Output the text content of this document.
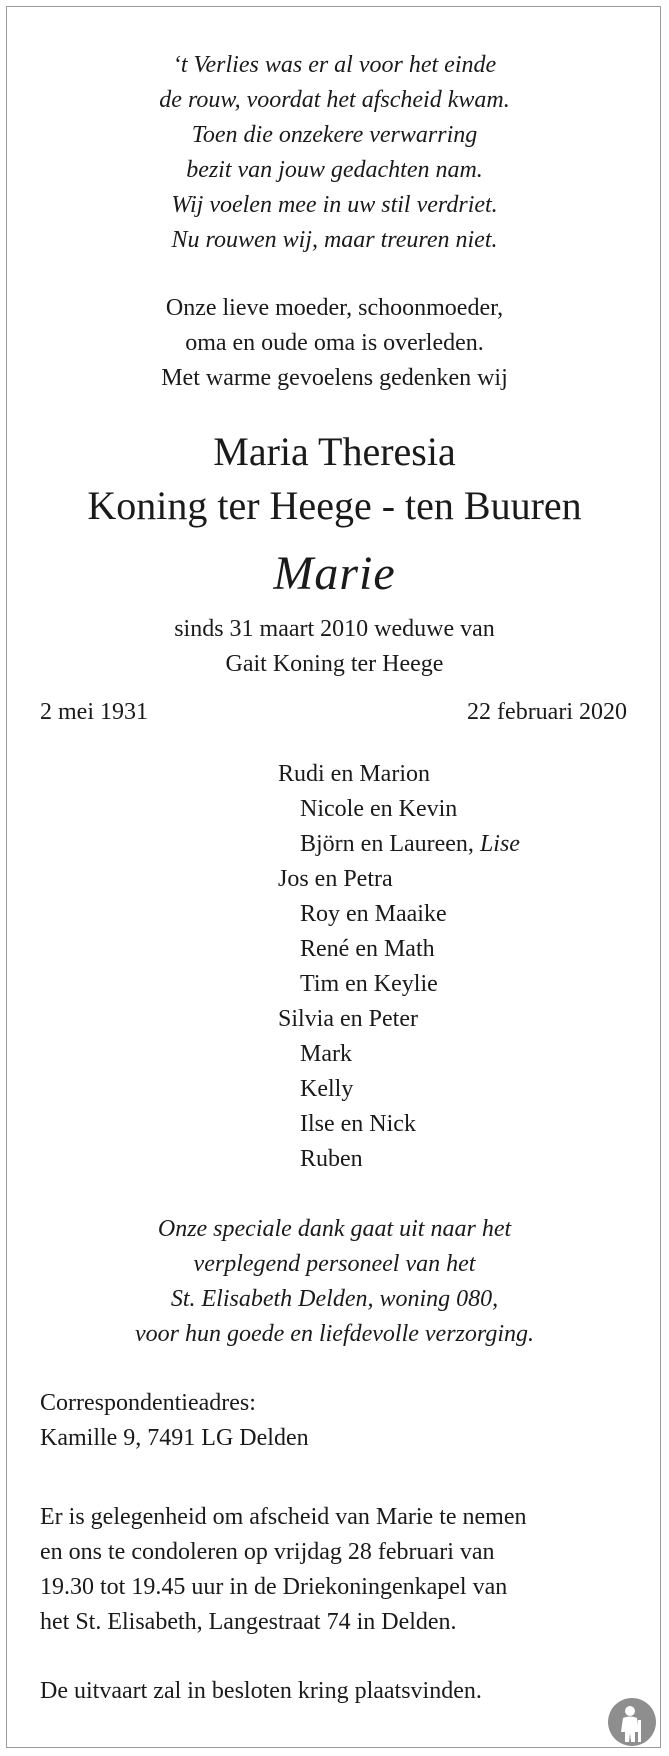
‘t Verlies was er al voor het einde
de rouw, voordat het afscheid kwam.
Toen die onzekere verwarring
bezit van jouw gedachten nam.
Wij voelen mee in uw stil verdriet.
Nu rouwen wij, maar treuren niet.
Onze lieve moeder, schoonmoeder,
oma en oude oma is overleden.
Met warme gevoelens gedenken wij
Maria Theresia
Koning ter Heege - ten Buuren
Marie
sinds 31 maart 2010 weduwe van
Gait Koning ter Heege
2 mei 1931	22 februari 2020
Rudi en Marion
Nicole en Kevin
Björn en Laureen, Lise
Jos en Petra
Roy en Maaike
René en Math
Tim en Keylie
Silvia en Peter
Mark
Kelly
Ilse en Nick
Ruben
Onze speciale dank gaat uit naar het
verplegend personeel van het
St. Elisabeth Delden, woning 080,
voor hun goede en liefdevolle verzorging.
Correspondentieadres:
Kamille 9, 7491 LG Delden
Er is gelegenheid om afscheid van Marie te nemen
en ons te condoleren op vrijdag 28 februari van
19.30 tot 19.45 uur in de Driekoningenkapel van
het St. Elisabeth, Langestraat 74 in Delden.
De uitvaart zal in besloten kring plaatsvinden.
